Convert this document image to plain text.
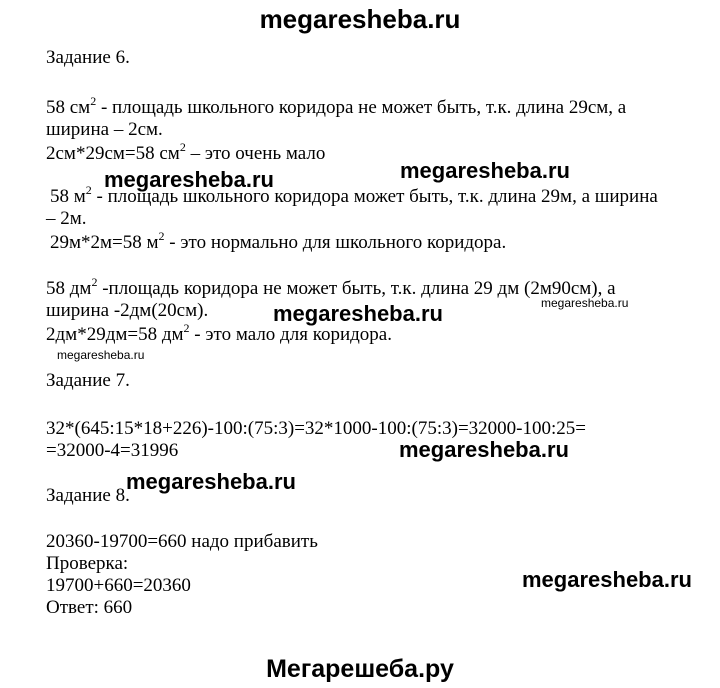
megaresheba.ru
Задание 6.
58 $см^2$ - площадь школьного коридора не может быть, т.к. длина 29см, а
ширина – 2см.
2см*29см=58 $см^2$ – это очень мало
58 $м^2$ - площадь школьного коридора может быть, т.к. длина 29м, а ширина
– 2м.
29м*2м=58 $м^2$ - это нормально для школьного коридора.
58 $дм^2$ -площадь коридора не может быть, т.к. длина 29 дм (2м90см), а
ширина -2дм(20см).
2дм*29дм=58 $дм^2$ - это мало для коридора.
Задание 7.
32*(645:15*18+226)-100:(75:3)=32*1000-100:(75:3)=32000-100:25=
=32000-4=31996
Задание 8.
20360-19700=660 надо прибавить
Проверка:
19700+660=20360
Ответ: 660
megaresheba.ru	megaresheba.ru
megaresheba.ru
megaresheba.ru
megaresheba.ru
megaresheba.ru
megaresheba.ru
megaresheba.ru
Мегарешеба.ру
